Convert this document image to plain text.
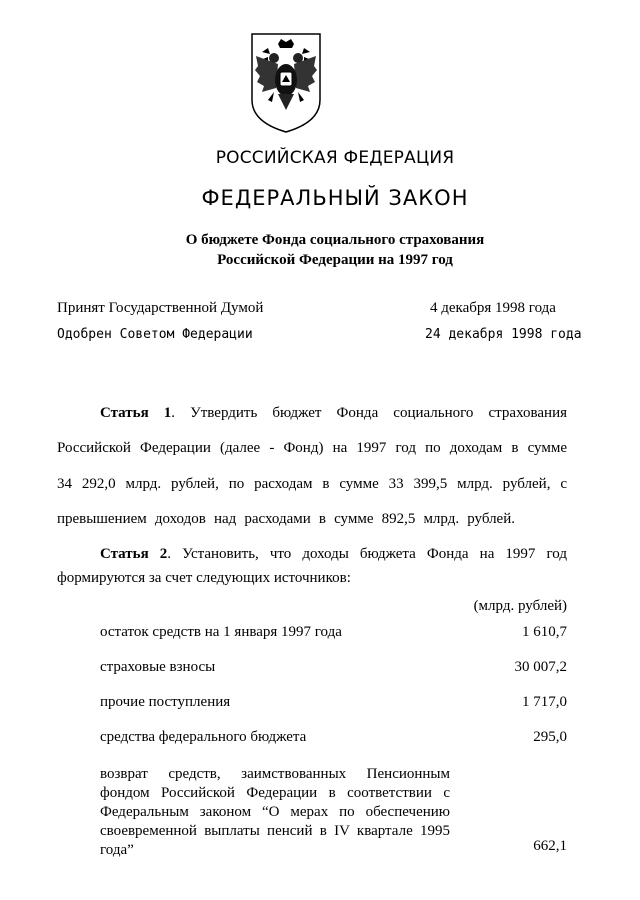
РОССИЙСКАЯ ФЕДЕРАЦИЯ
ФЕДЕРАЛЬНЫЙ ЗАКОН
О бюджете Фонда социального страхования
Российской Федерации на 1997 год
Принят Государственной Думой	4 декабря 1998 года
Одобрен Советом Федерации	24 декабря 1998 года
Статья 1. Утвердить бюджет Фонда социального страхования
Российской Федерации (далее - Фонд) на 1997 год по доходам в сумме
34 292,0 млрд. рублей, по расходам в сумме 33 399,5 млрд. рублей, с
превышением доходов над расходами в сумме 892,5 млрд. рублей.
Статья 2. Установить, что доходы бюджета Фонда на 1997 год
формируются за счет следующих источников:
(млрд. рублей)
остаток средств на 1 января 1997 года	1 610,7
страховые взносы	30 007,2
прочие поступления	1 717,0
средства федерального бюджета	295,0
возврат средств, заимствованных Пенсионным
фондом Российской Федерации в соответствии с
Федеральным законом “О мерах по обеспечению
своевременной выплаты пенсий в IV квартале 1995
года”	662,1
